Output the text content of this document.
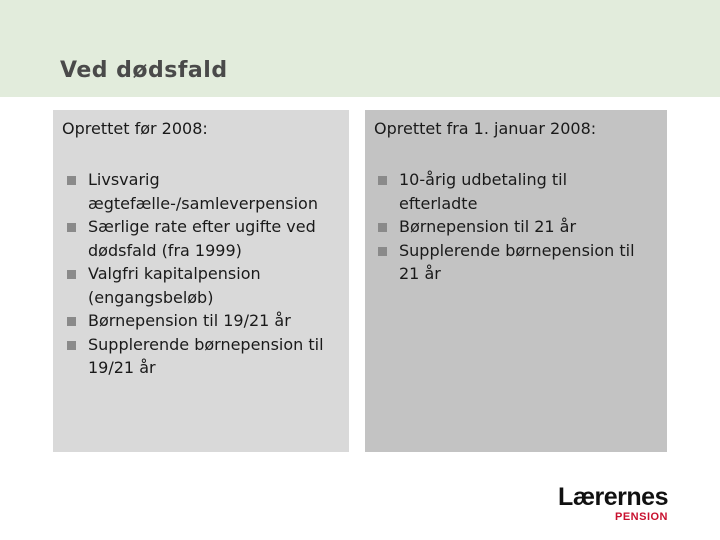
Ved dødsfald
Oprettet før 2008:
Livsvarig ægtefælle-/samleverpension
Særlige rate efter ugifte ved dødsfald (fra 1999)
Valgfri kapitalpension (engangsbeløb)
Børnepension til 19/21 år
Supplerende børnepension til 19/21 år
Oprettet fra 1. januar 2008:
10-årig udbetaling til efterladte
Børnepension til 21 år
Supplerende børnepension til 21 år
Lærernes
PENSION
